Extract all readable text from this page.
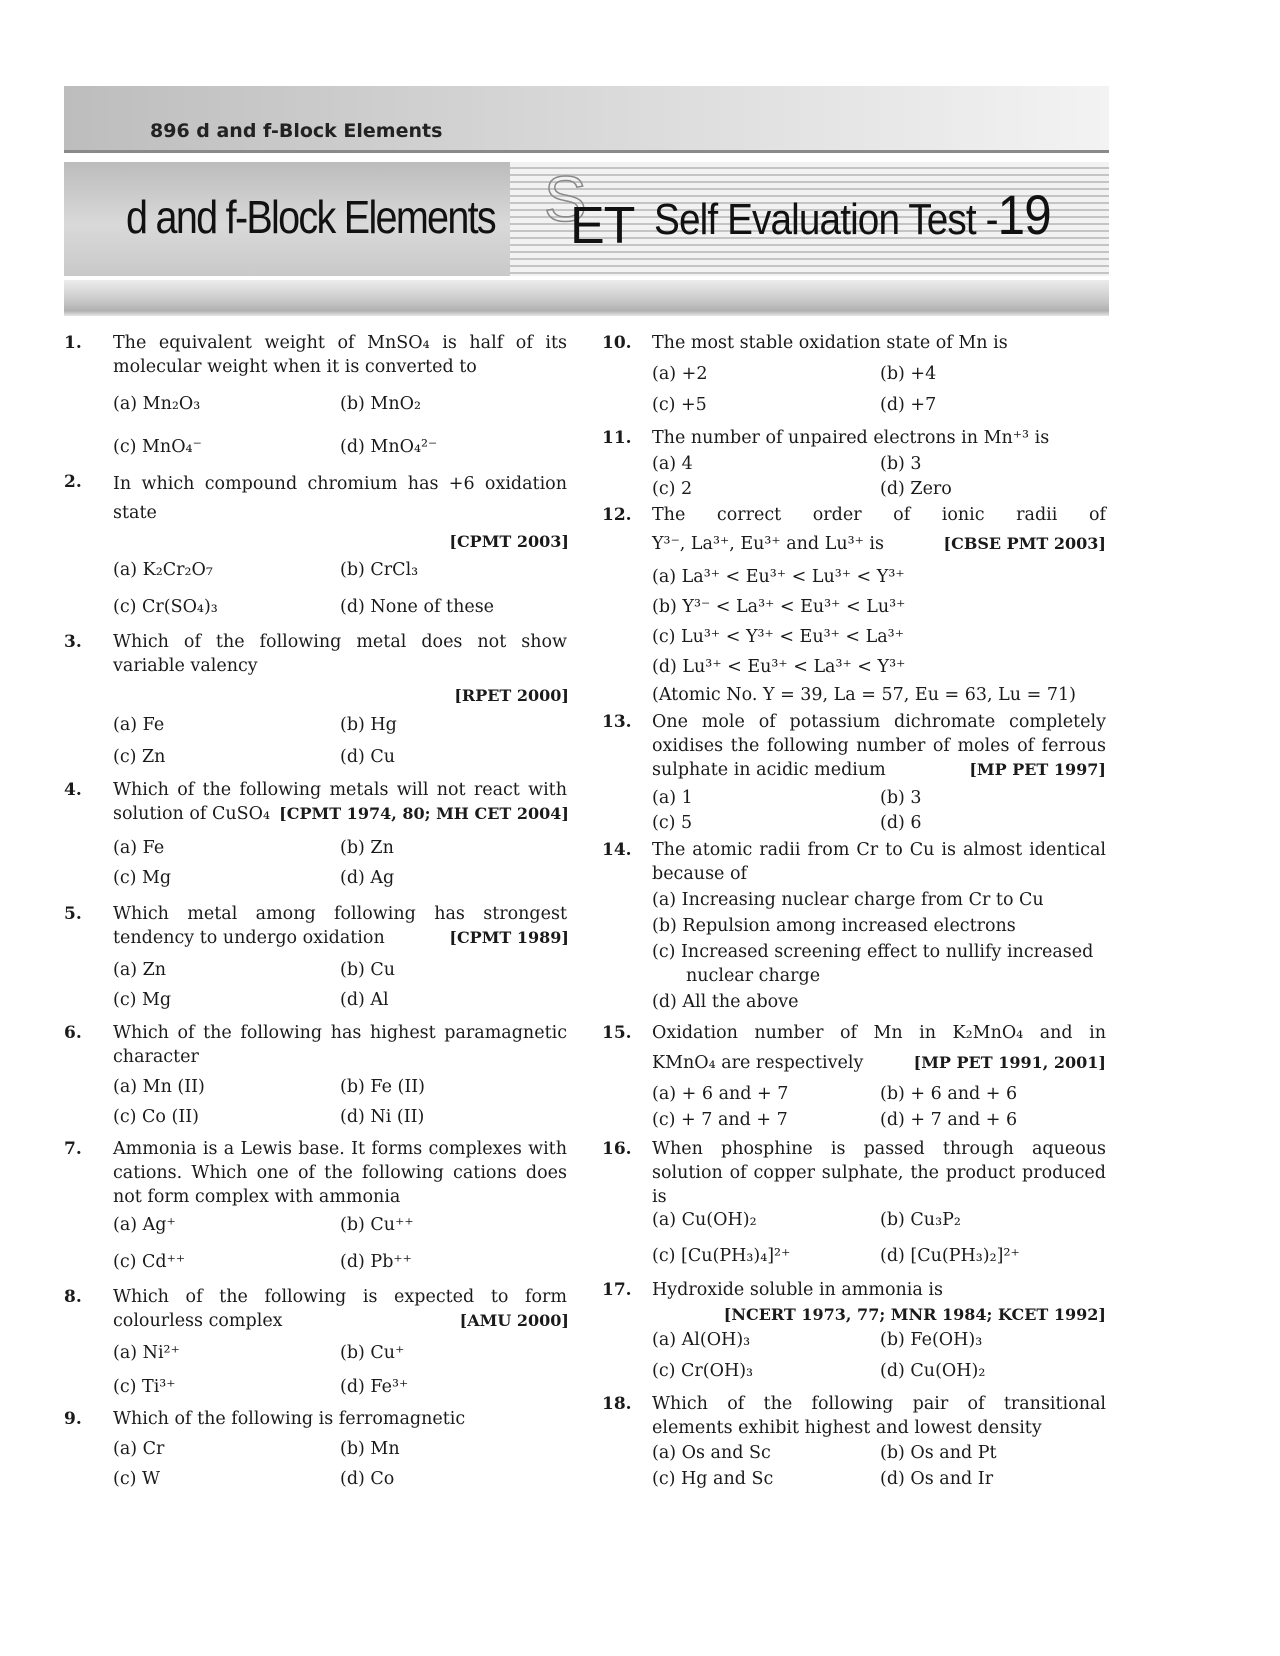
896 d and f-Block Elements
d and f-Block Elements S
ET Self Evaluation Test -19
1. The equivalent weight of MnSO₄ is half of its molecular weight when it is converted to
(a) Mn₂O₃	(b) MnO₂
(c) MnO₄⁻	(d) MnO₄²⁻
2. In which compound chromium has +6 oxidation state
[CPMT 2003]
(a) K₂Cr₂O₇	(b) CrCl₃
(c) Cr(SO₄)₃	(d) None of these
3. Which of the following metal does not show variable valency
[RPET 2000]
(a) Fe	(b) Hg
(c) Zn	(d) Cu
4. Which of the following metals will not react with solution of CuSO₄ [CPMT 1974, 80; MH CET 2004]
(a) Fe	(b) Zn
(c) Mg	(d) Ag
5. Which metal among following has strongest tendency to undergo oxidation	[CPMT 1989]
(a) Zn	(b) Cu
(c) Mg	(d) Al
6. Which of the following has highest paramagnetic character
(a) Mn (II)	(b) Fe (II)
(c) Co (II)	(d) Ni (II)
7. Ammonia is a Lewis base. It forms complexes with cations. Which one of the following cations does not form complex with ammonia
(a) Ag⁺	(b) Cu⁺⁺
(c) Cd⁺⁺	(d) Pb⁺⁺
8. Which of the following is expected to form colourless complex	[AMU 2000]
(a) Ni²⁺	(b) Cu⁺
(c) Ti³⁺	(d) Fe³⁺
9. Which of the following is ferromagnetic
(a) Cr	(b) Mn
(c) W	(d) Co
10. The most stable oxidation state of Mn is
(a) +2	(b) +4
(c) +5	(d) +7
11. The number of unpaired electrons in Mn⁺³ is
(a) 4	(b) 3
(c) 2	(d) Zero
12. The correct order of ionic radii of
Y³⁻, La³⁺, Eu³⁺ and Lu³⁺ is	[CBSE PMT 2003]
(a) La³⁺ < Eu³⁺ < Lu³⁺ < Y³⁺
(b) Y³⁻ < La³⁺ < Eu³⁺ < Lu³⁺
(c) Lu³⁺ < Y³⁺ < Eu³⁺ < La³⁺
(d) Lu³⁺ < Eu³⁺ < La³⁺ < Y³⁺
(Atomic No. Y = 39, La = 57, Eu = 63, Lu = 71)
13. One mole of potassium dichromate completely oxidises the following number of moles of ferrous sulphate in acidic medium	[MP PET 1997]
(a) 1	(b) 3
(c) 5	(d) 6
14. The atomic radii from Cr to Cu is almost identical because of
(a) Increasing nuclear charge from Cr to Cu
(b) Repulsion among increased electrons
(c) Increased screening effect to nullify increased
nuclear charge
(d) All the above
15. Oxidation number of Mn in K₂MnO₄ and in
KMnO₄ are respectively	[MP PET 1991, 2001]
(a) + 6 and + 7	(b) + 6 and + 6
(c) + 7 and + 7	(d) + 7 and + 6
16. When phosphine is passed through aqueous solution of copper sulphate, the product produced is
(a) Cu(OH)₂	(b) Cu₃P₂
(c) [Cu(PH₃)₄]²⁺	(d) [Cu(PH₃)₂]²⁺
17. Hydroxide soluble in ammonia is
[NCERT 1973, 77; MNR 1984; KCET 1992]
(a) Al(OH)₃	(b) Fe(OH)₃
(c) Cr(OH)₃	(d) Cu(OH)₂
18. Which of the following pair of transitional elements exhibit highest and lowest density
(a) Os and Sc	(b) Os and Pt
(c) Hg and Sc	(d) Os and Ir
